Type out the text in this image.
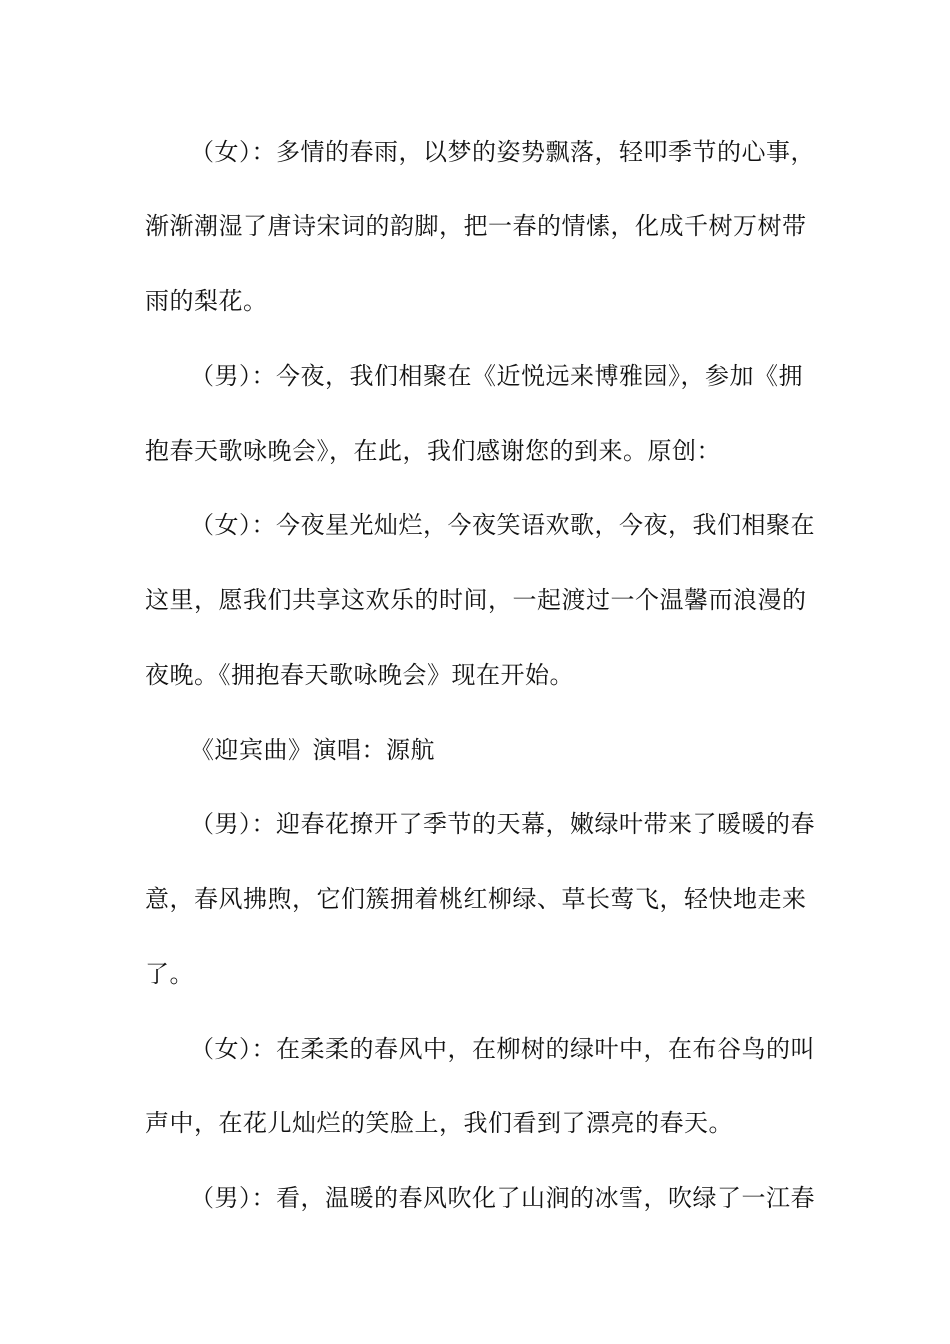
（女）：多情的春雨，以梦的姿势飘落，轻叩季节的心事，
渐渐潮湿了唐诗宋词的韵脚，把一春的情愫，化成千树万树带
雨的梨花。
（男）：今夜，我们相聚在《近悦远来博雅园》，参加《拥
抱春天歌咏晚会》，在此，我们感谢您的到来。原创：
（女）：今夜星光灿烂，今夜笑语欢歌，今夜，我们相聚在
这里，愿我们共享这欢乐的时间，一起渡过一个温馨而浪漫的
夜晚。《拥抱春天歌咏晚会》现在开始。
《迎宾曲》演唱：源航
（男）：迎春花撩开了季节的天幕，嫩绿叶带来了暖暖的春
意，春风拂煦，它们簇拥着桃红柳绿、草长莺飞，轻快地走来
了。
（女）：在柔柔的春风中，在柳树的绿叶中，在布谷鸟的叫
声中，在花儿灿烂的笑脸上，我们看到了漂亮的春天。
（男）：看，温暖的春风吹化了山涧的冰雪，吹绿了一江春
